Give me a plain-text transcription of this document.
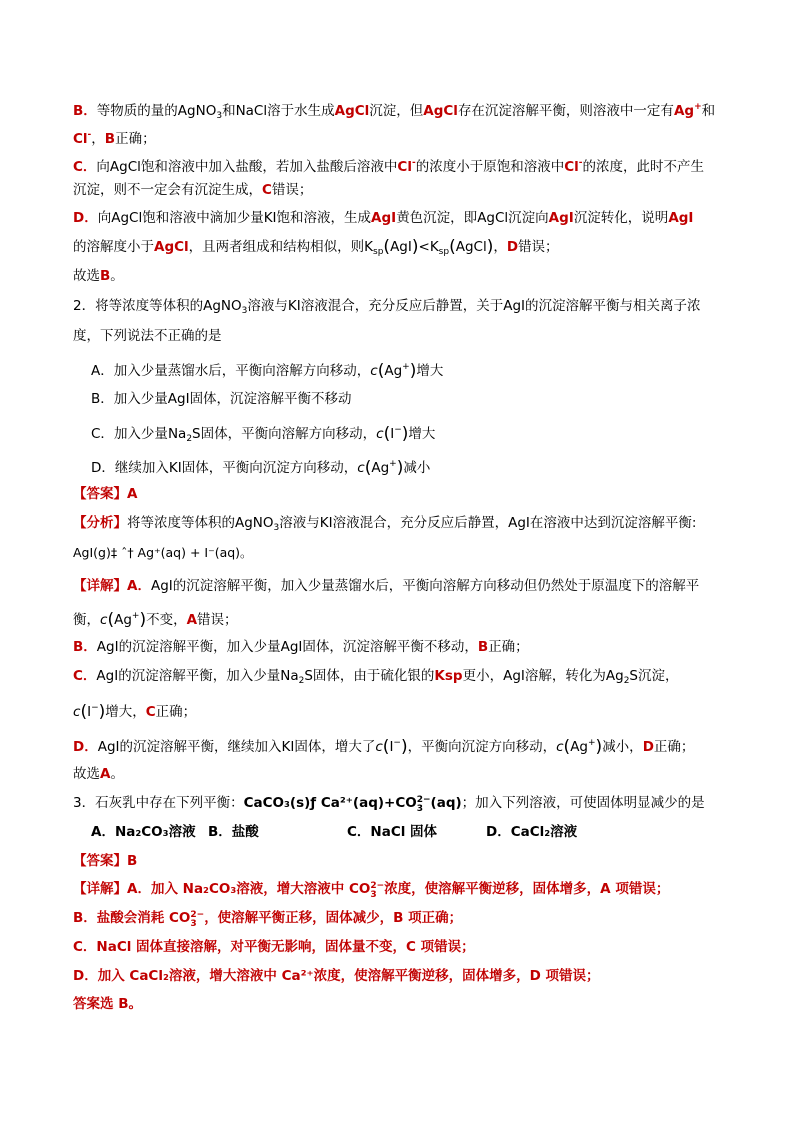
B．等物质的量的AgNO$_3$和NaCl溶于水生成AgCl沉淀，但AgCl存在沉淀溶解平衡，则溶液中一定有Ag+和
Cl-，B正确；
C．向AgCl饱和溶液中加入盐酸，若加入盐酸后溶液中Cl-的浓度小于原饱和溶液中Cl-的浓度，此时不产生
沉淀，则不一定会有沉淀生成，C错误；
D．向AgCl饱和溶液中滴加少量KI饱和溶液，生成AgI黄色沉淀，即AgCl沉淀向AgI沉淀转化，说明AgI
的溶解度小于AgCl，且两者组成和结构相似，则$K_{sp}(AgI)<K_{sp}(AgCl)$，D错误；
故选B。
2．将等浓度等体积的AgNO$_3$溶液与KI溶液混合，充分反应后静置，关于AgI的沉淀溶解平衡与相关离子浓
度，下列说法不正确的是
A．加入少量蒸馏水后，平衡向溶解方向移动，c(Ag+)增大
B．加入少量AgI固体，沉淀溶解平衡不移动
C．加入少量$Na_2S$固体，平衡向溶解方向移动，c(I−)增大
D．继续加入KI固体，平衡向沉淀方向移动，c(Ag+)减小
【答案】A
【分析】将等浓度等体积的AgNO$_3$溶液与KI溶液混合，充分反应后静置，AgI在溶液中达到沉淀溶解平衡:
AgI(g)‡ ˆ† Ag⁺(aq) + I⁻(aq)。
【详解】A．AgI的沉淀溶解平衡，加入少量蒸馏水后，平衡向溶解方向移动但仍然处于原温度下的溶解平
衡，c(Ag+)不变，A错误；
B．AgI的沉淀溶解平衡，加入少量AgI固体，沉淀溶解平衡不移动，B正确；
C．AgI的沉淀溶解平衡，加入少量$Na_2S$固体，由于硫化银的Ksp更小，AgI溶解，转化为$Ag_2S$沉淀，
c(I−)增大，C正确；
D．AgI的沉淀溶解平衡，继续加入KI固体，增大了c(I−)，平衡向沉淀方向移动，c(Ag+)减小，D正确；
故选A。
3．石灰乳中存在下列平衡：CaCO₃(s)ƒ Ca²⁺(aq)+CO 2−
3 (aq)；加入下列溶液，可使固体明显减少的是
A．Na₂CO₃溶液 B．盐酸	C．NaCl 固体	D．CaCl₂溶液
【答案】B
【详解】A．加入 Na₂CO₃溶液，增大溶液中 CO 2−
3 浓度，使溶解平衡逆移，固体增多，A 项错误；
B．盐酸会消耗 CO 2−
3 ，使溶解平衡正移，固体减少，B 项正确；
C．NaCl 固体直接溶解，对平衡无影响，固体量不变，C 项错误；
D．加入 CaCl₂溶液，增大溶液中 Ca²⁺浓度，使溶解平衡逆移，固体增多，D 项错误；
答案选 B。
